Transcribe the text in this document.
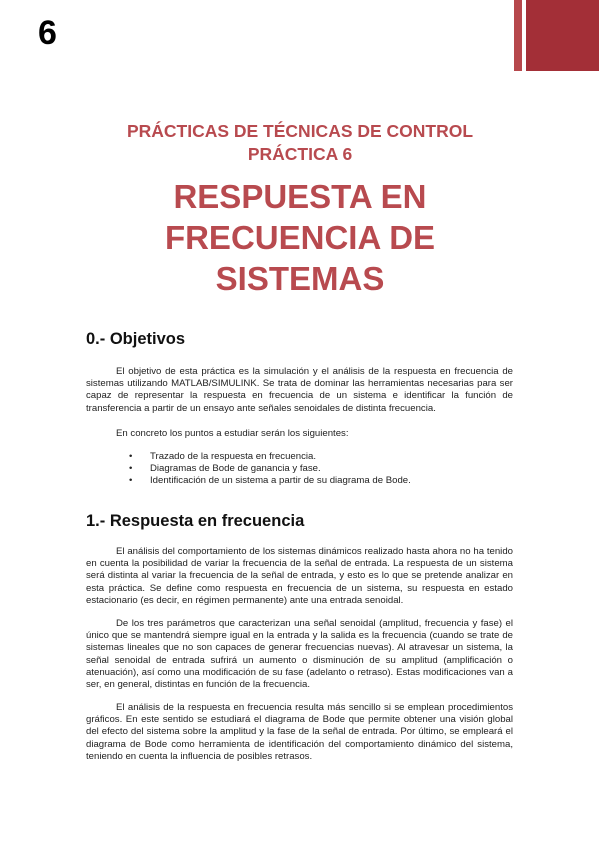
6

PRÁCTICAS DE TÉCNICAS DE CONTROL

PRÁCTICA 6

RESPUESTA EN
FRECUENCIA DE
SISTEMAS
0.- Objetivos

El objetivo de esta práctica es la simulación y el análisis de la respuesta en frecuencia de sistemas utilizando MATLAB/SIMULINK. Se trata de dominar las herramientas necesarias para ser capaz de representar la respuesta en frecuencia de un sistema e identificar la función de transferencia a partir de un ensayo ante señales senoidales de distinta frecuencia.

En concreto los puntos a estudiar serán los siguientes:

• Trazado de la respuesta en frecuencia.
• Diagramas de Bode de ganancia y fase.
• Identificación de un sistema a partir de su diagrama de Bode.
1.- Respuesta en frecuencia

El análisis del comportamiento de los sistemas dinámicos realizado hasta ahora no ha tenido en cuenta la posibilidad de variar la frecuencia de la señal de entrada. La respuesta de un sistema será distinta al variar la frecuencia de la señal de entrada, y esto es lo que se pretende analizar en esta práctica. Se define como respuesta en frecuencia de un sistema, su respuesta en estado estacionario (es decir, en régimen permanente) ante una entrada senoidal.

De los tres parámetros que caracterizan una señal senoidal (amplitud, frecuencia y fase) el único que se mantendrá siempre igual en la entrada y la salida es la frecuencia (cuando se trate de sistemas lineales que no son capaces de generar frecuencias nuevas). Al atravesar un sistema, la señal senoidal de entrada sufrirá un aumento o disminución de su amplitud (amplificación o atenuación), así como una modificación de su fase (adelanto o retraso). Estas modificaciones van a ser, en general, distintas en función de la frecuencia.

El análisis de la respuesta en frecuencia resulta más sencillo si se emplean procedimientos gráficos. En este sentido se estudiará el diagrama de Bode que permite obtener una visión global del efecto del sistema sobre la amplitud y la fase de la señal de entrada. Por último, se empleará el diagrama de Bode como herramienta de identificación del comportamiento dinámico del sistema, teniendo en cuenta la influencia de posibles retrasos.
